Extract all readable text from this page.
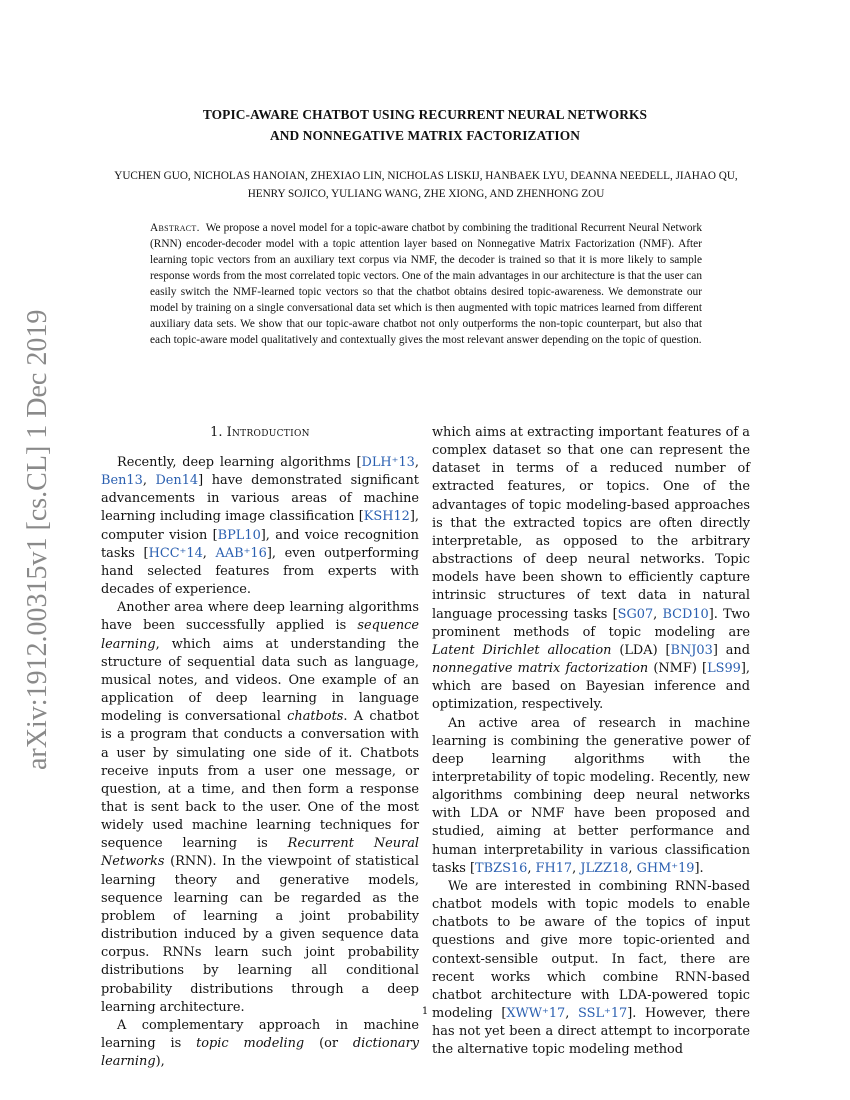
arXiv:1912.00315v1 [cs.CL] 1 Dec 2019
TOPIC-AWARE CHATBOT USING RECURRENT NEURAL NETWORKS
AND NONNEGATIVE MATRIX FACTORIZATION
YUCHEN GUO, NICHOLAS HANOIAN, ZHEXIAO LIN, NICHOLAS LISKIJ, HANBAEK LYU, DEANNA NEEDELL, JIAHAO QU,
HENRY SOJICO, YULIANG WANG, ZHE XIONG, AND ZHENHONG ZOU
Abstract. We propose a novel model for a topic-aware chatbot by combining the traditional Recurrent Neural Network (RNN) encoder-decoder model with a topic attention layer based on Nonnegative Matrix Factorization (NMF). After learning topic vectors from an auxiliary text corpus via NMF, the decoder is trained so that it is more likely to sample response words from the most correlated topic vectors. One of the main advantages in our architecture is that the user can easily switch the NMF-learned topic vectors so that the chatbot obtains desired topic-awareness. We demonstrate our model by training on a single conversational data set which is then augmented with topic matrices learned from different auxiliary data sets. We show that our topic-aware chatbot not only outperforms the non-topic counterpart, but also that each topic-aware model qualitatively and contextually gives the most relevant answer depending on the topic of question.
1. Introduction

Recently, deep learning algorithms [DLH⁺13, Ben13, Den14] have demonstrated significant advancements in various areas of machine learning including image classification [KSH12], computer vision [BPL10], and voice recognition tasks [HCC⁺14, AAB⁺16], even outperforming hand selected features from experts with decades of experience.

Another area where deep learning algorithms have been successfully applied is sequence learning, which aims at understanding the structure of sequential data such as language, musical notes, and videos. One example of an application of deep learning in language modeling is conversational chatbots. A chatbot is a program that conducts a conversation with a user by simulating one side of it. Chatbots receive inputs from a user one message, or question, at a time, and then form a response that is sent back to the user. One of the most widely used machine learning techniques for sequence learning is Recurrent Neural Networks (RNN). In the viewpoint of statistical learning theory and generative models, sequence learning can be regarded as the problem of learning a joint probability distribution induced by a given sequence data corpus. RNNs learn such joint probability distributions by learning all conditional probability distributions through a deep learning architecture.

A complementary approach in machine learning is topic modeling (or dictionary learning),

which aims at extracting important features of a complex dataset so that one can represent the dataset in terms of a reduced number of extracted features, or topics. One of the advantages of topic modeling-based approaches is that the extracted topics are often directly interpretable, as opposed to the arbitrary abstractions of deep neural networks. Topic models have been shown to efficiently capture intrinsic structures of text data in natural language processing tasks [SG07, BCD10]. Two prominent methods of topic modeling are Latent Dirichlet allocation (LDA) [BNJ03] and nonnegative matrix factorization (NMF) [LS99], which are based on Bayesian inference and optimization, respectively.

An active area of research in machine learning is combining the generative power of deep learning algorithms with the interpretability of topic modeling. Recently, new algorithms combining deep neural networks with LDA or NMF have been proposed and studied, aiming at better performance and human interpretability in various classification tasks [TBZS16, FH17, JLZZ18, GHM⁺19].

We are interested in combining RNN-based chatbot models with topic models to enable chatbots to be aware of the topics of input questions and give more topic-oriented and context-sensible output. In fact, there are recent works which combine RNN-based chatbot architecture with LDA-powered topic modeling [XWW⁺17, SSL⁺17]. However, there has not yet been a direct attempt to incorporate the alternative topic modeling method

1
